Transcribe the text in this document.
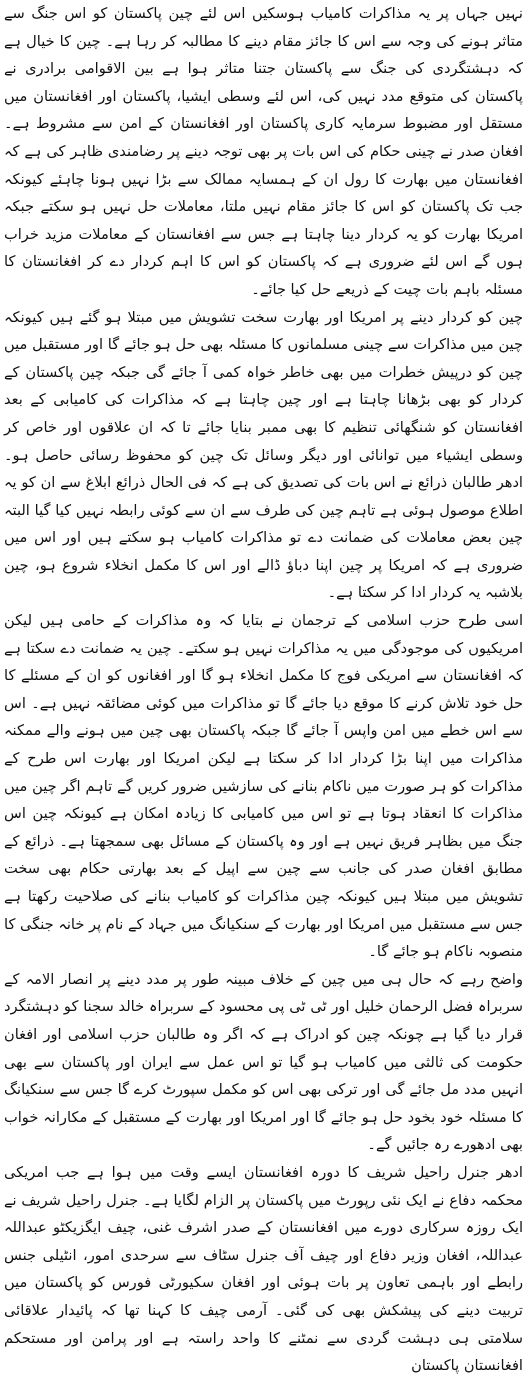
نہیں جہاں پر یہ مذاکرات کامیاب ہوسکیں اس لئے چین پاکستان کو اس جنگ سے متاثر ہونے کی وجہ سے اس کا جائز مقام دینے کا مطالبہ کر رہا ہے۔ چین کا خیال ہے کہ دہشتگردی کی جنگ سے پاکستان جتنا متاثر ہوا ہے بین الاقوامی برادری نے پاکستان کی متوقع مدد نہیں کی، اس لئے وسطی ایشیا، پاکستان اور افغانستان میں مستقل اور مضبوط سرمایہ کاری پاکستان اور افغانستان کے امن سے مشروط ہے۔ افغان صدر نے چینی حکام کی اس بات پر بھی توجہ دینے پر رضامندی ظاہر کی ہے کہ افغانستان میں بھارت کا رول ان کے ہمسایہ ممالک سے بڑا نہیں ہونا چاہئے کیونکہ جب تک پاکستان کو اس کا جائز مقام نہیں ملتا، معاملات حل نہیں ہو سکتے جبکہ امریکا بھارت کو یہ کردار دینا چاہتا ہے جس سے افغانستان کے معاملات مزید خراب ہوں گے اس لئے ضروری ہے کہ پاکستان کو اس کا اہم کردار دے کر افغانستان کا مسئلہ باہم بات چیت کے ذریعے حل کیا جائے۔

چین کو کردار دینے پر امریکا اور بھارت سخت تشویش میں مبتلا ہو گئے ہیں کیونکہ چین میں مذاکرات سے چینی مسلمانوں کا مسئلہ بھی حل ہو جائے گا اور مستقبل میں چین کو درپیش خطرات میں بھی خاطر خواہ کمی آ جائے گی جبکہ چین پاکستان کے کردار کو بھی بڑھانا چاہتا ہے اور چین چاہتا ہے کہ مذاکرات کی کامیابی کے بعد افغانستان کو شنگھائی تنظیم کا بھی ممبر بنایا جائے تا کہ ان علاقوں اور خاص کر وسطی ایشیاء میں توانائی اور دیگر وسائل تک چین کو محفوظ رسائی حاصل ہو۔ ادھر طالبان ذرائع نے اس بات کی تصدیق کی ہے کہ فی الحال ذرائع ابلاغ سے ان کو یہ اطلاع موصول ہوئی ہے تاہم چین کی طرف سے ان سے کوئی رابطہ نہیں کیا گیا البتہ چین بعض معاملات کی ضمانت دے تو مذاکرات کامیاب ہو سکتے ہیں اور اس میں ضروری ہے کہ امریکا پر چین اپنا دباؤ ڈالے اور اس کا مکمل انخلاء شروع ہو، چین بلاشبہ یہ کردار ادا کر سکتا ہے۔

اسی طرح حزب اسلامی کے ترجمان نے بتایا کہ وہ مذاکرات کے حامی ہیں لیکن امریکیوں کی موجودگی میں یہ مذاکرات نہیں ہو سکتے۔ چین یہ ضمانت دے سکتا ہے کہ افغانستان سے امریکی فوج کا مکمل انخلاء ہو گا اور افغانوں کو ان کے مسئلے کا حل خود تلاش کرنے کا موقع دیا جائے گا تو مذاکرات میں کوئی مضائقہ نہیں ہے۔ اس سے اس خطے میں امن واپس آ جائے گا جبکہ پاکستان بھی چین میں ہونے والے ممکنہ مذاکرات میں اپنا بڑا کردار ادا کر سکتا ہے لیکن امریکا اور بھارت اس طرح کے مذاکرات کو ہر صورت میں ناکام بنانے کی سازشیں ضرور کریں گے تاہم اگر چین میں مذاکرات کا انعقاد ہوتا ہے تو اس میں کامیابی کا زیادہ امکان ہے کیونکہ چین اس جنگ میں بظاہر فریق نہیں ہے اور وہ پاکستان کے مسائل بھی سمجھتا ہے۔ ذرائع کے مطابق افغان صدر کی جانب سے چین سے اپیل کے بعد بھارتی حکام بھی سخت تشویش میں مبتلا ہیں کیونکہ چین مذاکرات کو کامیاب بنانے کی صلاحیت رکھتا ہے جس سے مستقبل میں امریکا اور بھارت کے سنکیانگ میں جہاد کے نام پر خانہ جنگی کا منصوبہ ناکام ہو جائے گا۔

واضح رہے کہ حال ہی میں چین کے خلاف مبینہ طور پر مدد دینے پر انصار الامہ کے سربراہ فضل الرحمان خلیل اور ٹی ٹی پی محسود کے سربراہ خالد سجنا کو دہشتگرد قرار دیا گیا ہے چونکہ چین کو ادراک ہے کہ اگر وہ طالبان حزب اسلامی اور افغان حکومت کی ثالثی میں کامیاب ہو گیا تو اس عمل سے ایران اور پاکستان سے بھی انہیں مدد مل جائے گی اور ترکی بھی اس کو مکمل سپورٹ کرے گا جس سے سنکیانگ کا مسئلہ خود بخود حل ہو جائے گا اور امریکا اور بھارت کے مستقبل کے مکارانہ خواب بھی ادھورے رہ جائیں گے۔

ادھر جنرل راحیل شریف کا دورہ افغانستان ایسے وقت میں ہوا ہے جب امریکی محکمہ دفاع نے ایک نئی رپورٹ میں پاکستان پر الزام لگایا ہے۔ جنرل راحیل شریف نے ایک روزہ سرکاری دورے میں افغانستان کے صدر اشرف غنی، چیف ایگزیکٹو عبداللہ عبداللہ، افغان وزیر دفاع اور چیف آف جنرل سٹاف سے سرحدی امور، انٹیلی جنس رابطے اور باہمی تعاون پر بات ہوئی اور افغان سکیورٹی فورس کو پاکستان میں تربیت دینے کی پیشکش بھی کی گئی۔ آرمی چیف کا کہنا تھا کہ پائیدار علاقائی سلامتی ہی دہشت گردی سے نمٹنے کا واحد راستہ ہے اور پرامن اور مستحکم افغانستان پاکستان
